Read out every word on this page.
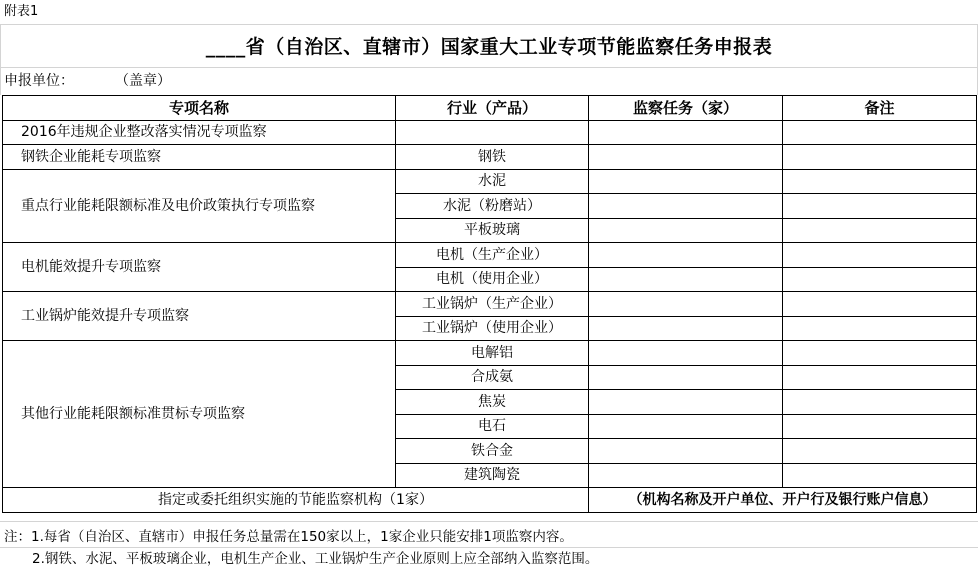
附表1
____省（自治区、直辖市）国家重大工业专项节能监察任务申报表
申报单位：	（盖章）
专项名称	行业（产品）	监察任务（家）	备注
2016年违规企业整改落实情况专项监察			
钢铁企业能耗专项监察	钢铁		
重点行业能耗限额标准及电价政策执行专项监察	水泥		
	水泥（粉磨站）		
	平板玻璃		
电机能效提升专项监察	电机（生产企业）		
	电机（使用企业）		
工业锅炉能效提升专项监察	工业锅炉（生产企业）		
	工业锅炉（使用企业）		
其他行业能耗限额标准贯标专项监察	电解铝		
	合成氨		
	焦炭		
	电石		
	铁合金		
	建筑陶瓷		
指定或委托组织实施的节能监察机构（1家）		（机构名称及开户单位、开户行及银行账户信息）	
注：1.每省（自治区、直辖市）申报任务总量需在150家以上，1家企业只能安排1项监察内容。
2.钢铁、水泥、平板玻璃企业，电机生产企业、工业锅炉生产企业原则上应全部纳入监察范围。
